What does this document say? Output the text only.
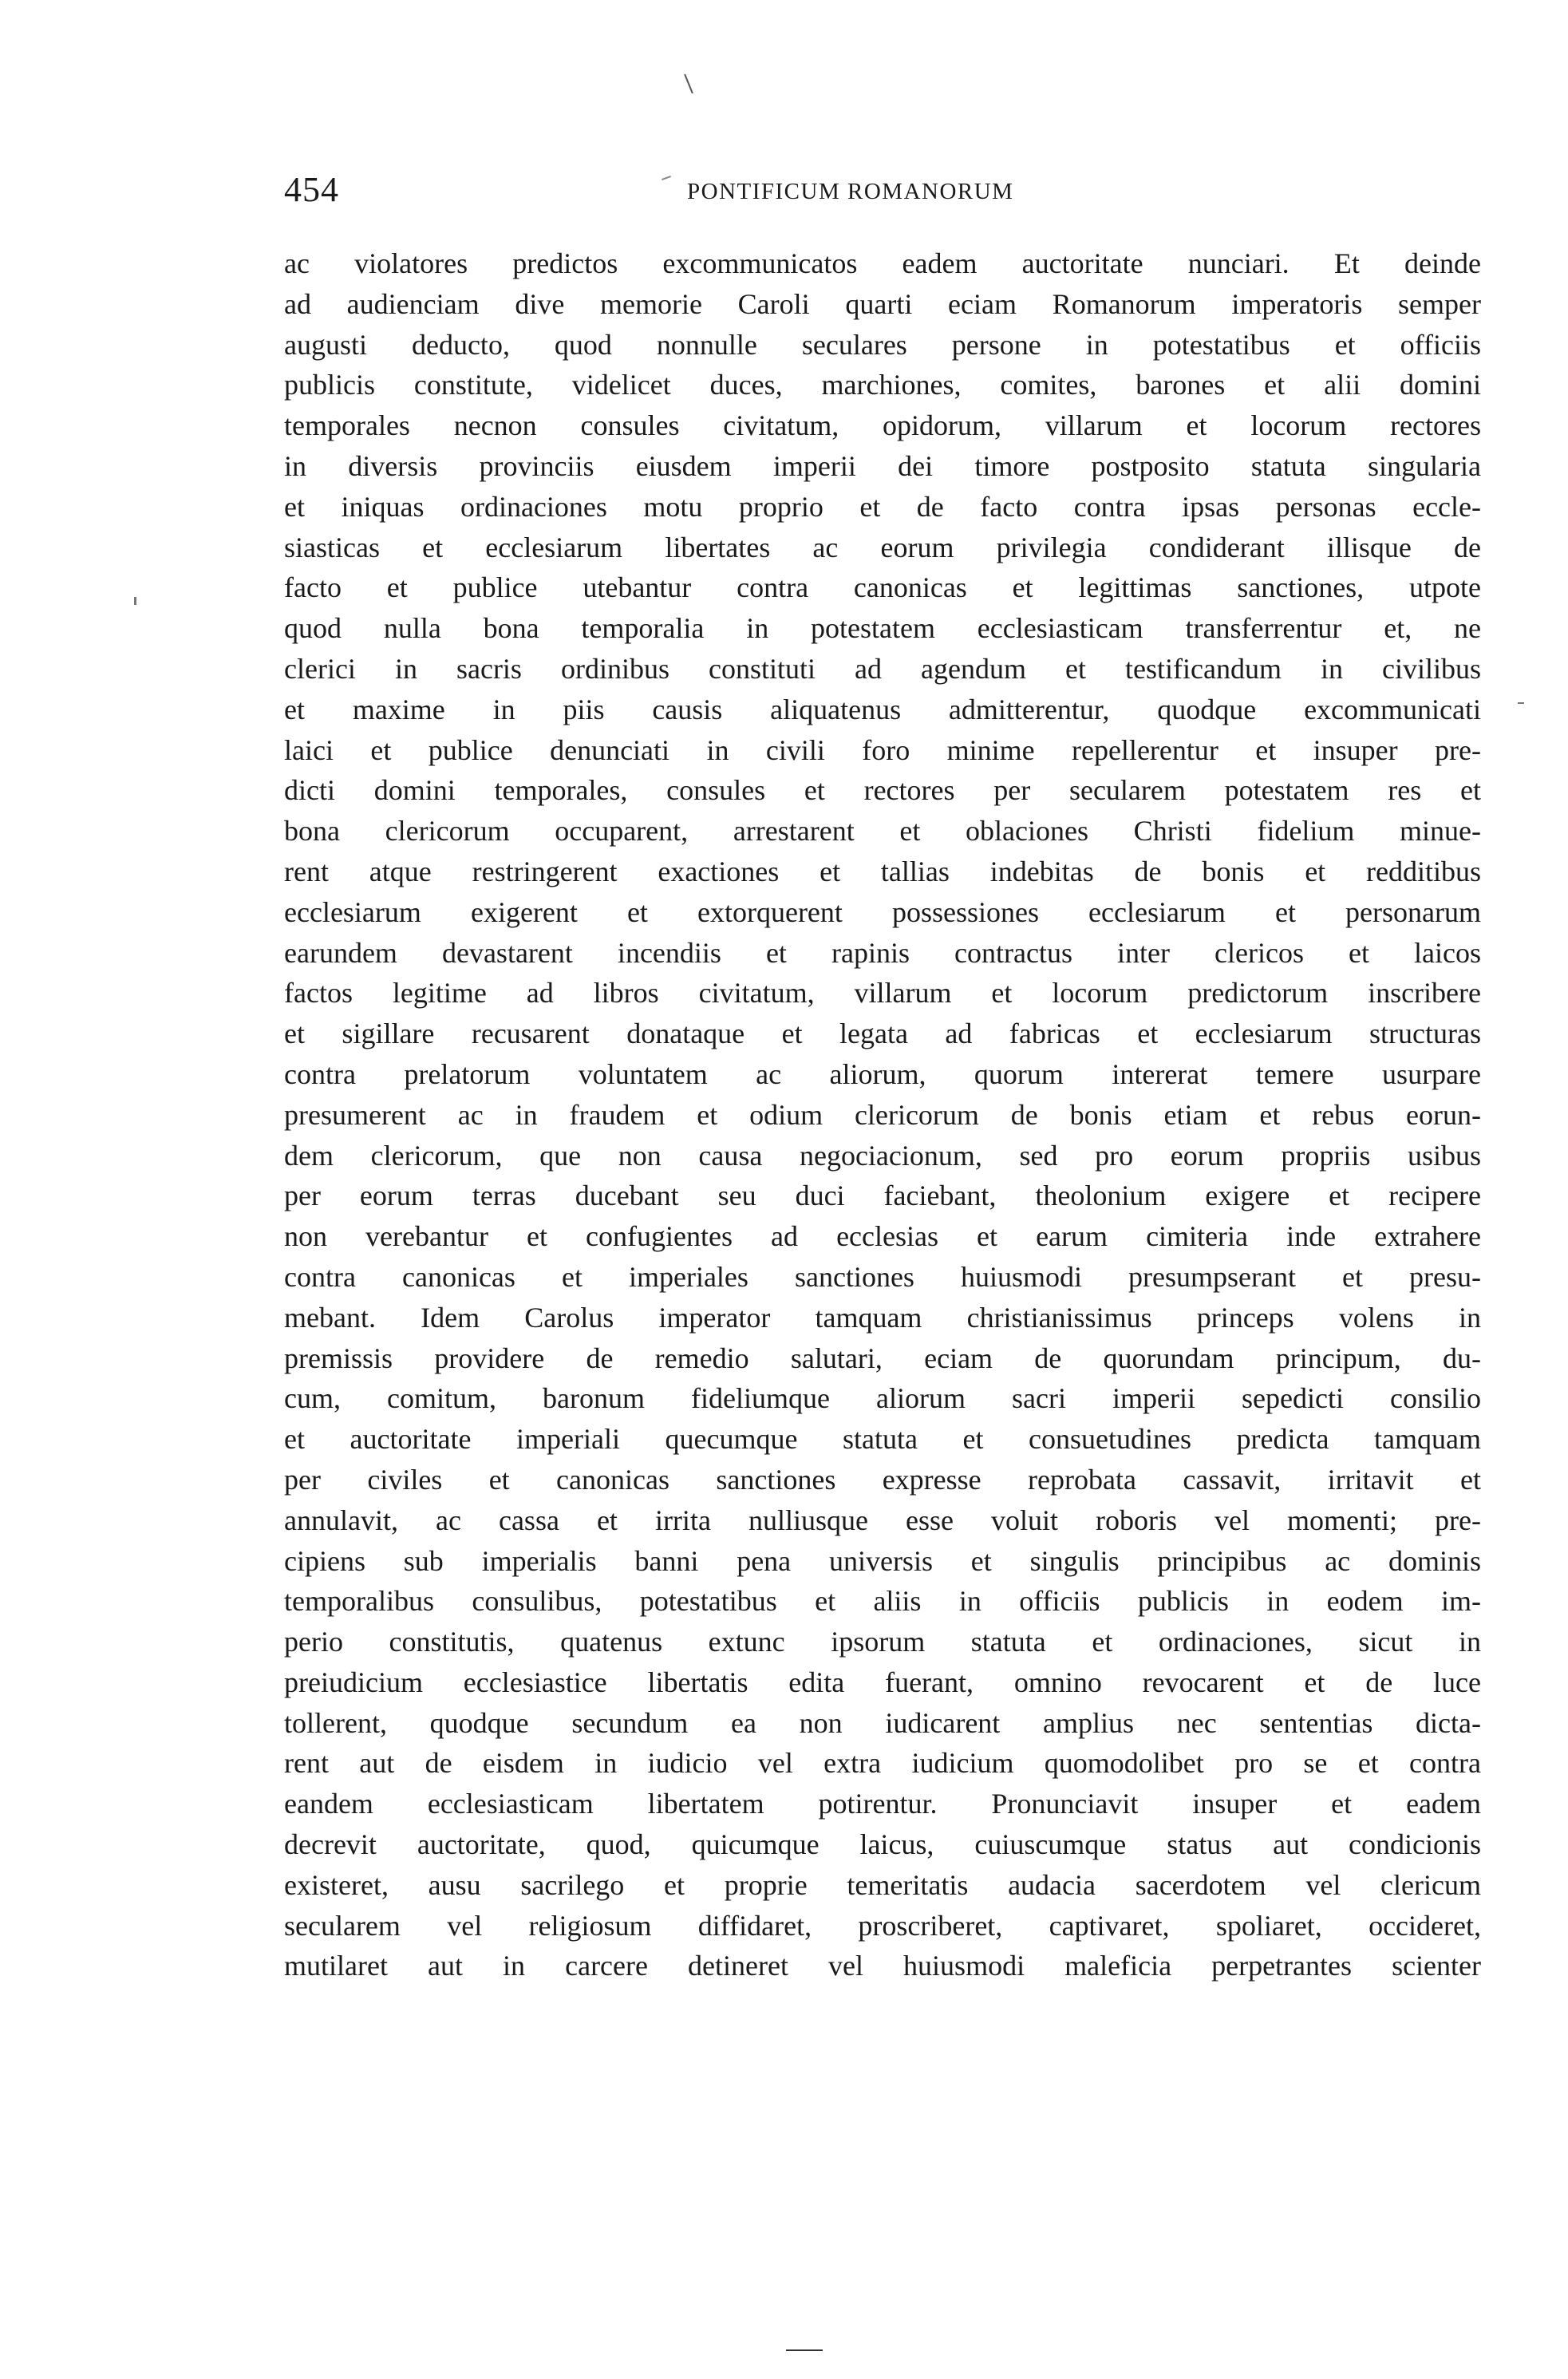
454	PONTIFICUM ROMANORUM
ac violatores predictos excommunicatos eadem auctoritate nunciari. Et deinde
ad audienciam dive memorie Caroli quarti eciam Romanorum imperatoris semper
augusti deducto, quod nonnulle seculares persone in potestatibus et officiis
publicis constitute, videlicet duces, marchiones, comites, barones et alii domini
temporales necnon consules civitatum, opidorum, villarum et locorum rectores
in diversis provinciis eiusdem imperii dei timore postposito statuta singularia
et iniquas ordinaciones motu proprio et de facto contra ipsas personas eccle-
siasticas et ecclesiarum libertates ac eorum privilegia condiderant illisque de
facto et publice utebantur contra canonicas et legittimas sanctiones, utpote
quod nulla bona temporalia in potestatem ecclesiasticam transferrentur et, ne
clerici in sacris ordinibus constituti ad agendum et testificandum in civilibus
et maxime in piis causis aliquatenus admitterentur, quodque excommunicati
laici et publice denunciati in civili foro minime repellerentur et insuper pre-
dicti domini temporales, consules et rectores per secularem potestatem res et
bona clericorum occuparent, arrestarent et oblaciones Christi fidelium minue-
rent atque restringerent exactiones et tallias indebitas de bonis et redditibus
ecclesiarum exigerent et extorquerent possessiones ecclesiarum et personarum
earundem devastarent incendiis et rapinis contractus inter clericos et laicos
factos legitime ad libros civitatum, villarum et locorum predictorum inscribere
et sigillare recusarent donataque et legata ad fabricas et ecclesiarum structuras
contra prelatorum voluntatem ac aliorum, quorum intererat temere usurpare
presumerent ac in fraudem et odium clericorum de bonis etiam et rebus eorun-
dem clericorum, que non causa negociacionum, sed pro eorum propriis usibus
per eorum terras ducebant seu duci faciebant, theolonium exigere et recipere
non verebantur et confugientes ad ecclesias et earum cimiteria inde extrahere
contra canonicas et imperiales sanctiones huiusmodi presumpserant et presu-
mebant. Idem Carolus imperator tamquam christianissimus princeps volens in
premissis providere de remedio salutari, eciam de quorundam principum, du-
cum, comitum, baronum fideliumque aliorum sacri imperii sepedicti consilio
et auctoritate imperiali quecumque statuta et consuetudines predicta tamquam
per civiles et canonicas sanctiones expresse reprobata cassavit, irritavit et
annulavit, ac cassa et irrita nulliusque esse voluit roboris vel momenti; pre-
cipiens sub imperialis banni pena universis et singulis principibus ac dominis
temporalibus consulibus, potestatibus et aliis in officiis publicis in eodem im-
perio constitutis, quatenus extunc ipsorum statuta et ordinaciones, sicut in
preiudicium ecclesiastice libertatis edita fuerant, omnino revocarent et de luce
tollerent, quodque secundum ea non iudicarent amplius nec sententias dicta-
rent aut de eisdem in iudicio vel extra iudicium quomodolibet pro se et contra
eandem ecclesiasticam libertatem potirentur. Pronunciavit insuper et eadem
decrevit auctoritate, quod, quicumque laicus, cuiuscumque status aut condicionis
existeret, ausu sacrilego et proprie temeritatis audacia sacerdotem vel clericum
secularem vel religiosum diffidaret, proscriberet, captivaret, spoliaret, occideret,
mutilaret aut in carcere detineret vel huiusmodi maleficia perpetrantes scienter
